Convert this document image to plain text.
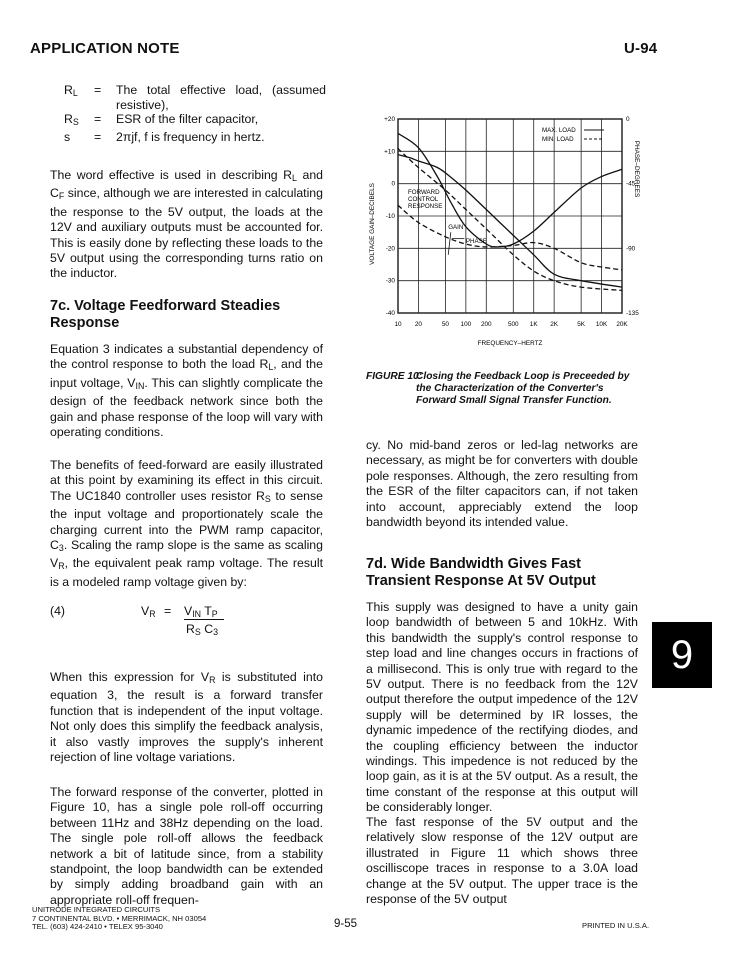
APPLICATION NOTE	U-94
$R_L$	=	The total effective load, (assumed resistive),
$R_S$	=	ESR of the filter capacitor,
s	=	2πjf, f is frequency in hertz.
The word effective is used in describing $R_L$ and $C_F$ since, although we are interested in calculating the response to the 5V output, the loads at the 12V and auxiliary outputs must be accounted for. This is easily done by reflecting these loads to the 5V output using the corresponding turns ratio on the inductor.
7c. Voltage Feedforward Steadies Response
Equation 3 indicates a substantial dependency of the control response to both the load $R_L$, and the input voltage, $V_{IN}$. This can slightly complicate the design of the feedback network since both the gain and phase response of the loop will vary with operating conditions.
The benefits of feed-forward are easily illustrated at this point by examining its effect in this circuit. The UC1840 controller uses resistor $R_S$ to sense the input voltage and proportionately scale the charging current into the PWM ramp capacitor, $C_3$. Scaling the ramp slope is the same as scaling $V_R$, the equivalent peak ramp voltage. The result is a modeled ramp voltage given by:
(4)	$V_R = V_{IN}$ $T_P$
$R_S$ $C_3$
When this expression for $V_R$ is substituted into equation 3, the result is a forward transfer function that is independent of the input voltage. Not only does this simplify the feedback analysis, it also vastly improves the supply's inherent rejection of line voltage variations.
The forward response of the converter, plotted in Figure 10, has a single pole roll-off occurring between 11Hz and 38Hz depending on the load. The single pole roll-off allows the feedback network a bit of latitude since, from a stability standpoint, the loop bandwidth can be extended by simply adding broadband gain with an appropriate roll-off frequen-
10 20	50 100 200	500 1K 2K	5K 10K 20K
+20
+10
0
-10
-20
-30
-40
0
-45
-90
-135
FREQUENCY–HERTZ
VOLTAGE GAIN–DECIBELS
PHASE–DEGREES
MAX. LOAD
MIN. LOAD
FORWARD
CONTROL
RESPONSE
GAIN
PHASE
FIGURE 10:
Closing the Feedback Loop is Preceeded by the Characterization of the Converter's Forward Small Signal Transfer Function.
cy. No mid-band zeros or led-lag networks are necessary, as might be for converters with double pole responses. Although, the zero resulting from the ESR of the filter capacitors can, if not taken into account, appreciably extend the loop bandwidth beyond its intended value.
7d. Wide Bandwidth Gives Fast Transient Response At 5V Output
This supply was designed to have a unity gain loop bandwidth of between 5 and 10kHz. With this bandwidth the supply's control response to step load and line changes occurs in fractions of a millisecond. This is only true with regard to the 5V output. There is no feedback from the 12V output therefore the output impedence of the 12V supply will be determined by IR losses, the dynamic impedence of the rectifying diodes, and the coupling efficiency between the inductor windings. This impedence is not reduced by the loop gain, as it is at the 5V output. As a result, the time constant of the response at this output will be considerably longer.
The fast response of the 5V output and the relatively slow response of the 12V output are illustrated in Figure 11 which shows three oscilliscope traces in response to a 3.0A load change at the 5V output. The upper trace is the response of the 5V output
9
UNITRODE INTEGRATED CIRCUITS
7 CONTINENTAL BLVD. • MERRIMACK, NH 03054
TEL. (603) 424-2410 • TELEX 95-3040	9-55	PRINTED IN U.S.A.
